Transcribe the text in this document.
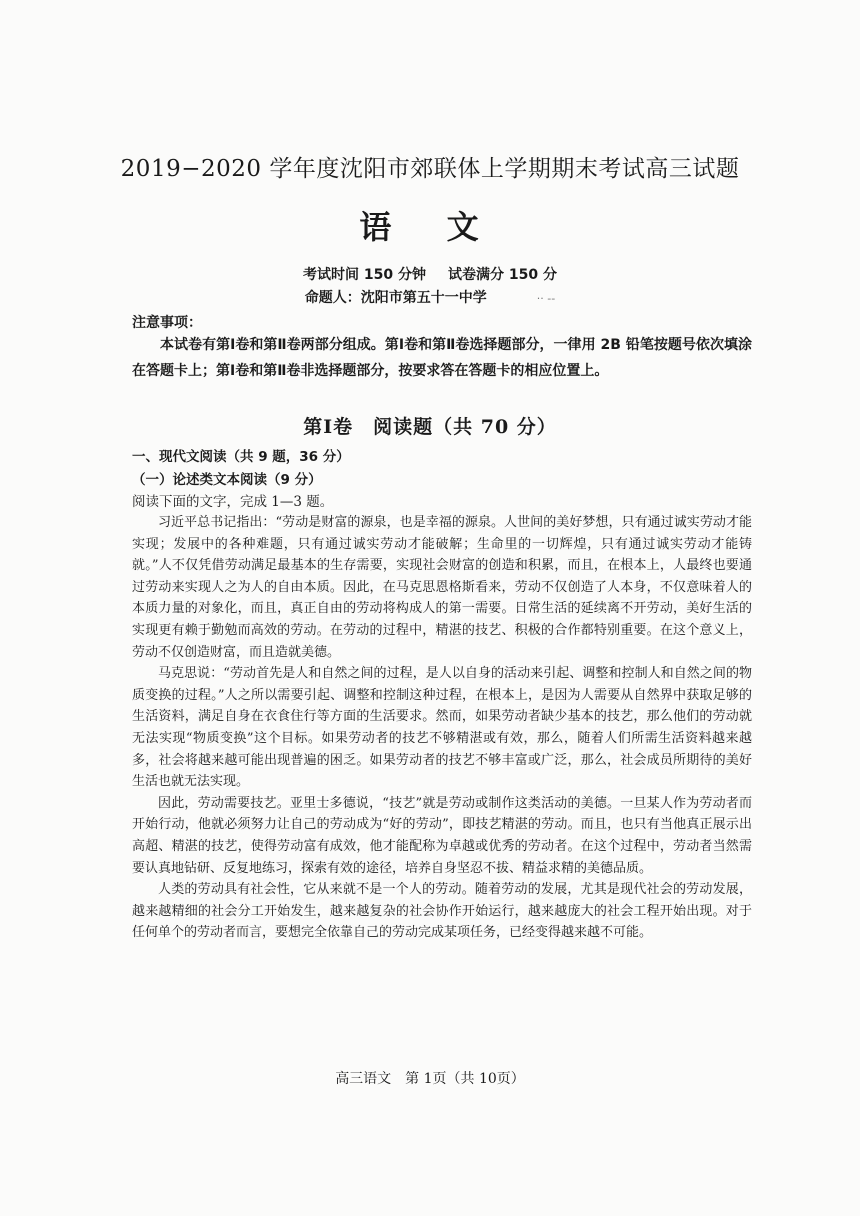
2019−2020 学年度沈阳市郊联体上学期期末考试高三试题
语 文
考试时间 150 分钟 试卷满分 150 分
命题人：沈阳市第五十一中学	·· --
注意事项：
本试卷有第Ⅰ卷和第Ⅱ卷两部分组成。第Ⅰ卷和第Ⅱ卷选择题部分，一律用 2B 铅笔按题号依次填涂在答题卡上；第Ⅰ卷和第Ⅱ卷非选择题部分，按要求答在答题卡的相应位置上。
第Ⅰ卷　阅读题（共 70 分）
一、现代文阅读（共 9 题，36 分）
（一）论述类文本阅读（9 分）
阅读下面的文字，完成 1—3 题。

习近平总书记指出：“劳动是财富的源泉，也是幸福的源泉。人世间的美好梦想，只有通过诚实劳动才能实现；发展中的各种难题，只有通过诚实劳动才能破解；生命里的一切辉煌，只有通过诚实劳动才能铸就。”人不仅凭借劳动满足最基本的生存需要，实现社会财富的创造和积累，而且，在根本上，人最终也要通过劳动来实现人之为人的自由本质。因此，在马克思恩格斯看来，劳动不仅创造了人本身，不仅意味着人的本质力量的对象化，而且，真正自由的劳动将构成人的第一需要。日常生活的延续离不开劳动，美好生活的实现更有赖于勤勉而高效的劳动。在劳动的过程中，精湛的技艺、积极的合作都特别重要。在这个意义上，劳动不仅创造财富，而且造就美德。

马克思说：“劳动首先是人和自然之间的过程，是人以自身的活动来引起、调整和控制人和自然之间的物质变换的过程。”人之所以需要引起、调整和控制这种过程，在根本上，是因为人需要从自然界中获取足够的生活资料，满足自身在衣食住行等方面的生活要求。然而，如果劳动者缺少基本的技艺，那么他们的劳动就无法实现“物质变换”这个目标。如果劳动者的技艺不够精湛或有效，那么，随着人们所需生活资料越来越多，社会将越来越可能出现普遍的困乏。如果劳动者的技艺不够丰富或广泛，那么，社会成员所期待的美好生活也就无法实现。

因此，劳动需要技艺。亚里士多德说，“技艺”就是劳动或制作这类活动的美德。一旦某人作为劳动者而开始行动，他就必须努力让自己的劳动成为“好的劳动”，即技艺精湛的劳动。而且，也只有当他真正展示出高超、精湛的技艺，使得劳动富有成效，他才能配称为卓越或优秀的劳动者。在这个过程中，劳动者当然需要认真地钻研、反复地练习，探索有效的途径，培养自身坚忍不拔、精益求精的美德品质。

人类的劳动具有社会性，它从来就不是一个人的劳动。随着劳动的发展，尤其是现代社会的劳动发展，越来越精细的社会分工开始发生，越来越复杂的社会协作开始运行，越来越庞大的社会工程开始出现。对于任何单个的劳动者而言，要想完全依靠自己的劳动完成某项任务，已经变得越来越不可能。

高三语文　第 1页（共 10页）
